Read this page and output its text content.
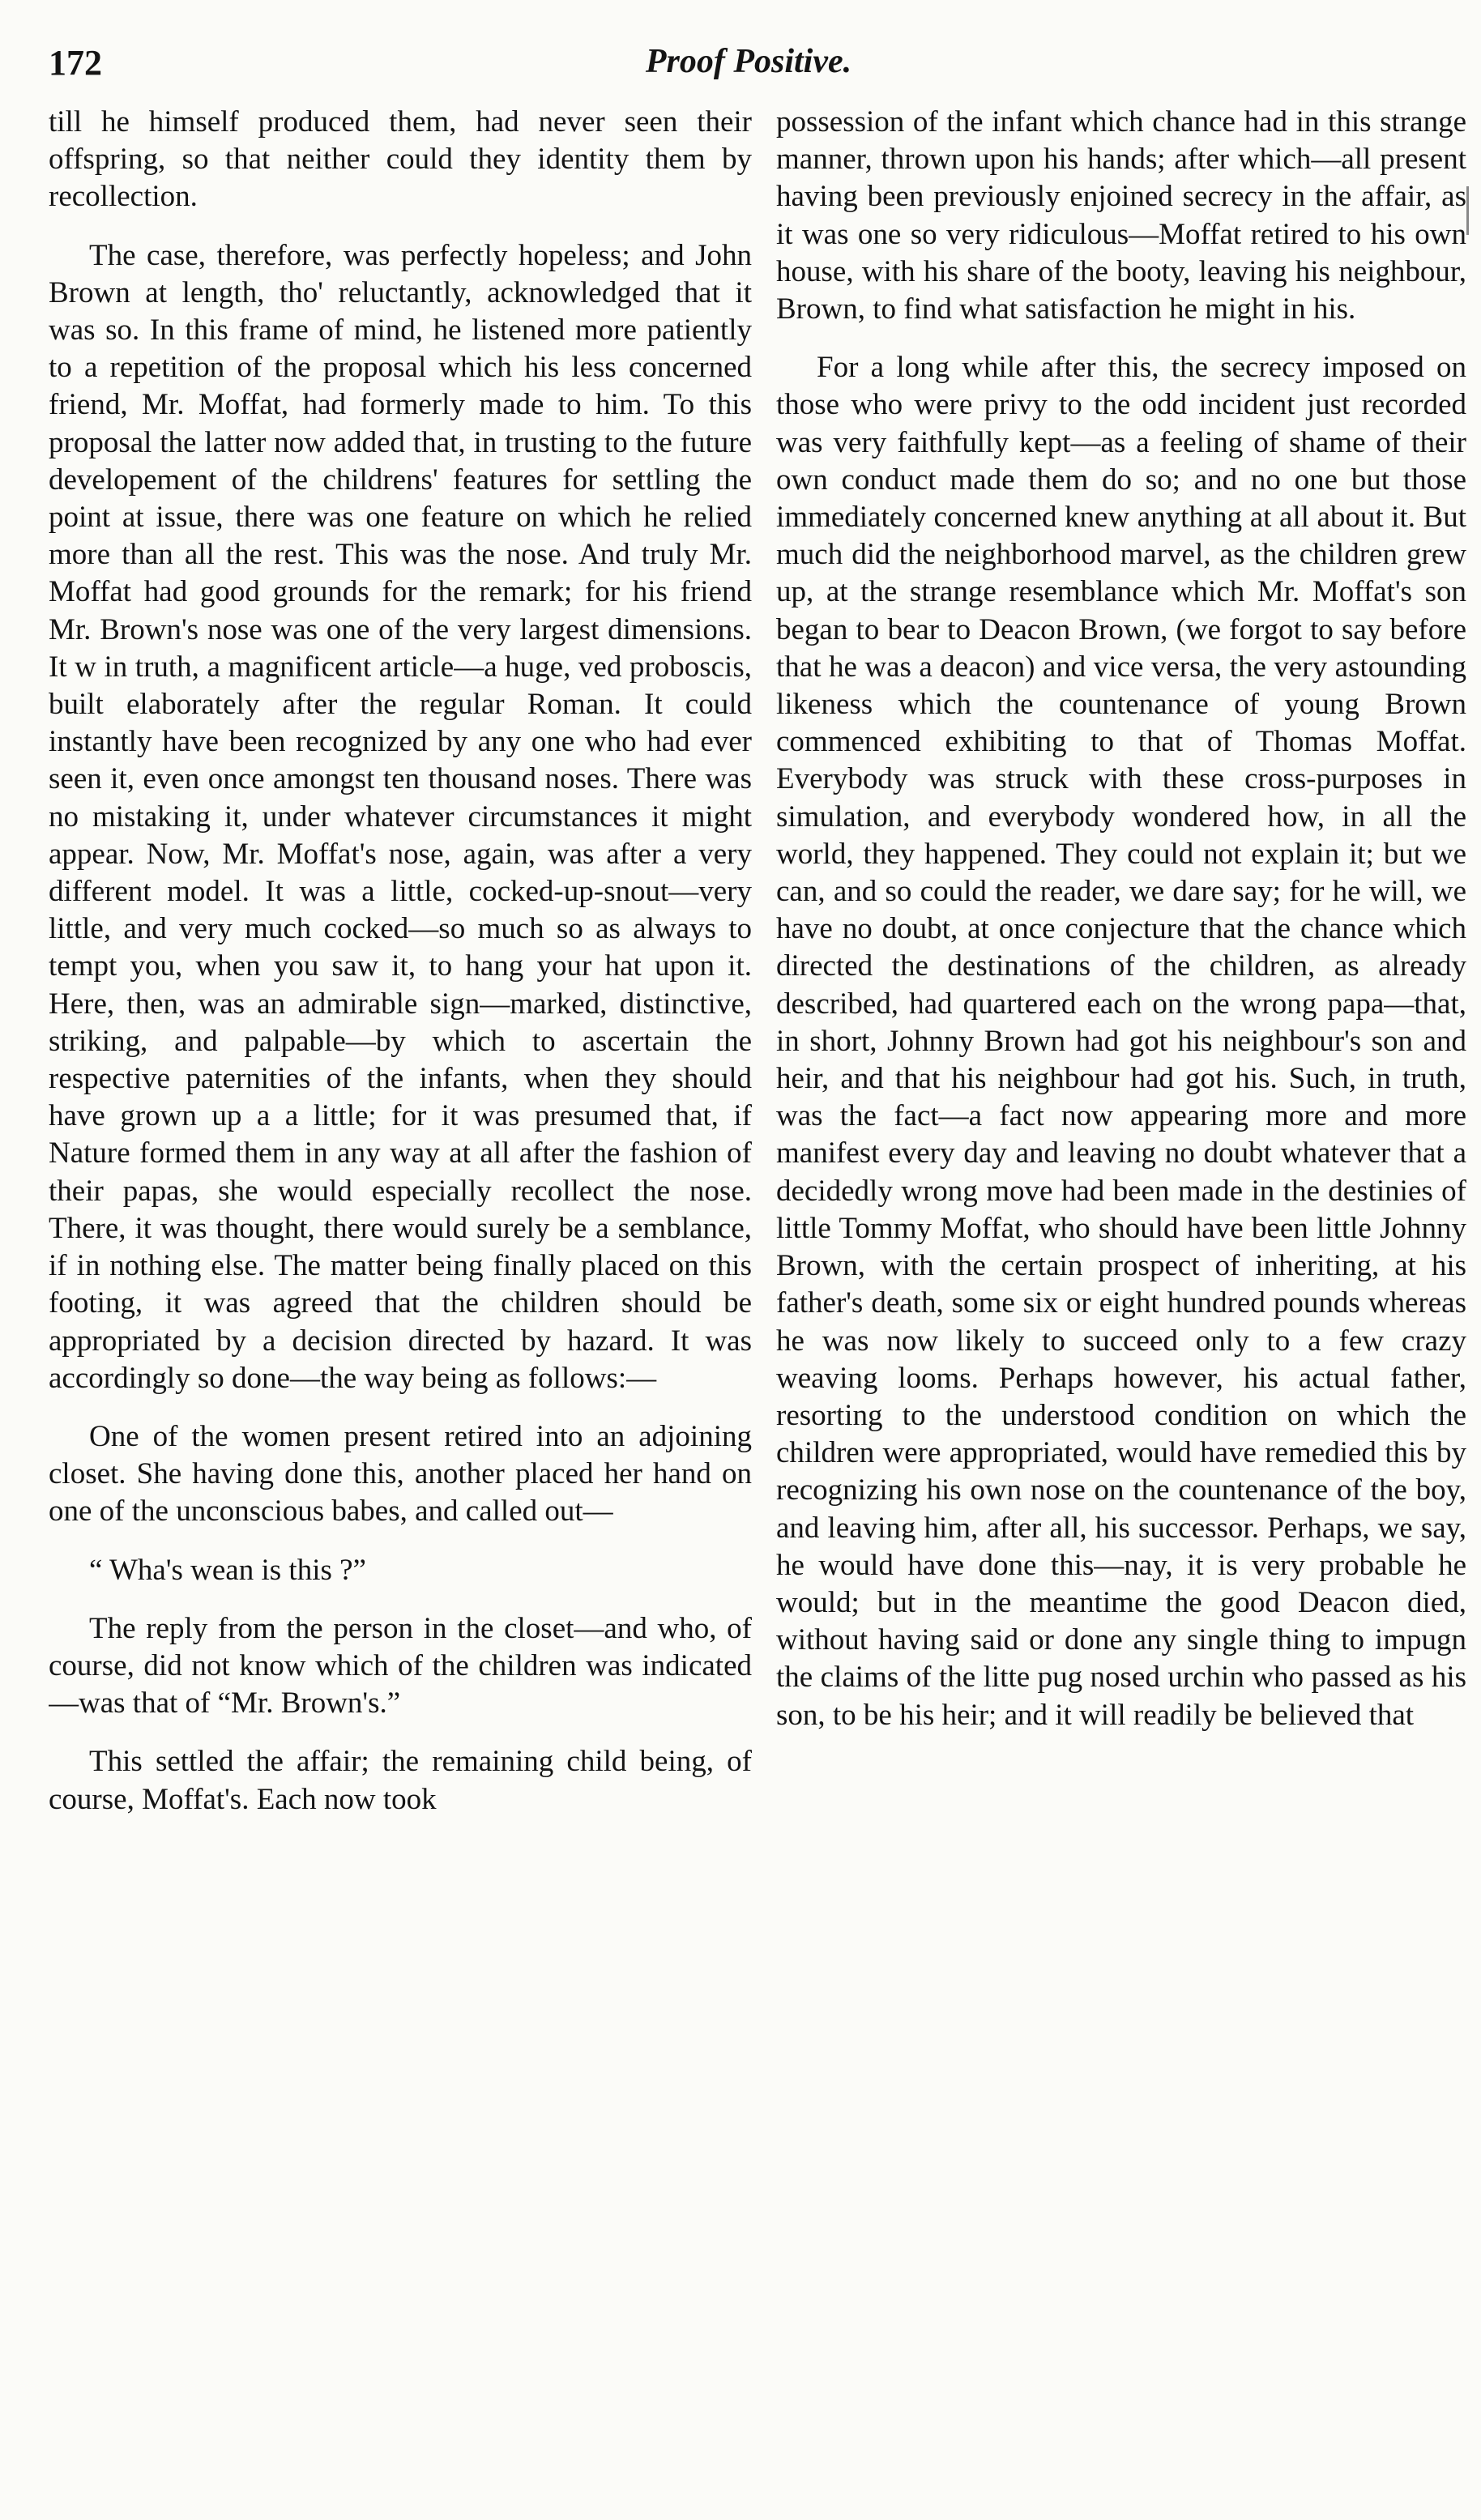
172	Proof Positive.

till he himself produced them, had never seen their offspring, so that neither could they identity them by recollection.

The case, therefore, was perfectly hopeless; and John Brown at length, tho' reluctantly, acknowledged that it was so. In this frame of mind, he listened more patiently to a repetition of the proposal which his less concerned friend, Mr. Moffat, had formerly made to him. To this proposal the latter now added that, in trusting to the future developement of the childrens' features for settling the point at issue, there was one feature on which he relied more than all the rest. This was the nose. And truly Mr. Moffat had good grounds for the remark; for his friend Mr. Brown's nose was one of the very largest dimensions. It w in truth, a magnificent article—a huge, ved proboscis, built elaborately after the regular Roman. It could instantly have been recognized by any one who had ever seen it, even once amongst ten thousand noses. There was no mistaking it, under whatever circumstances it might appear. Now, Mr. Moffat's nose, again, was after a very different model. It was a little, cocked-up-snout—very little, and very much cocked—so much so as always to tempt you, when you saw it, to hang your hat upon it. Here, then, was an admirable sign—marked, distinctive, striking, and palpable—by which to ascertain the respective paternities of the infants, when they should have grown up a a little; for it was presumed that, if Nature formed them in any way at all after the fashion of their papas, she would especially recollect the nose. There, it was thought, there would surely be a semblance, if in nothing else. The matter being finally placed on this footing, it was agreed that the children should be appropriated by a decision directed by hazard. It was accordingly so done—the way being as follows:—

One of the women present retired into an adjoining closet. She having done this, another placed her hand on one of the unconscious babes, and called out—

“ Wha's wean is this ?”

The reply from the person in the closet—and who, of course, did not know which of the children was indicated—was that of “Mr. Brown's.”

This settled the affair; the remaining child being, of course, Moffat's. Each now took

possession of the infant which chance had in this strange manner, thrown upon his hands; after which—all present having been previously enjoined secrecy in the affair, as it was one so very ridiculous—Moffat retired to his own house, with his share of the booty, leaving his neighbour, Brown, to find what satisfaction he might in his.

For a long while after this, the secrecy imposed on those who were privy to the odd incident just recorded was very faithfully kept—as a feeling of shame of their own conduct made them do so; and no one but those immediately concerned knew anything at all about it. But much did the neighborhood marvel, as the children grew up, at the strange resemblance which Mr. Moffat's son began to bear to Deacon Brown, (we forgot to say before that he was a deacon) and vice versa, the very astounding likeness which the countenance of young Brown commenced exhibiting to that of Thomas Moffat. Everybody was struck with these cross-purposes in simulation, and everybody wondered how, in all the world, they happened. They could not explain it; but we can, and so could the reader, we dare say; for he will, we have no doubt, at once conjecture that the chance which directed the destinations of the children, as already described, had quartered each on the wrong papa—that, in short, Johnny Brown had got his neighbour's son and heir, and that his neighbour had got his. Such, in truth, was the fact—a fact now appearing more and more manifest every day and leaving no doubt whatever that a decidedly wrong move had been made in the destinies of little Tommy Moffat, who should have been little Johnny Brown, with the certain prospect of inheriting, at his father's death, some six or eight hundred pounds whereas he was now likely to succeed only to a few crazy weaving looms. Perhaps however, his actual father, resorting to the understood condition on which the children were appropriated, would have remedied this by recognizing his own nose on the countenance of the boy, and leaving him, after all, his successor. Perhaps, we say, he would have done this—nay, it is very probable he would; but in the meantime the good Deacon died, without having said or done any single thing to impugn the claims of the litte pug nosed urchin who passed as his son, to be his heir; and it will readily be believed that
